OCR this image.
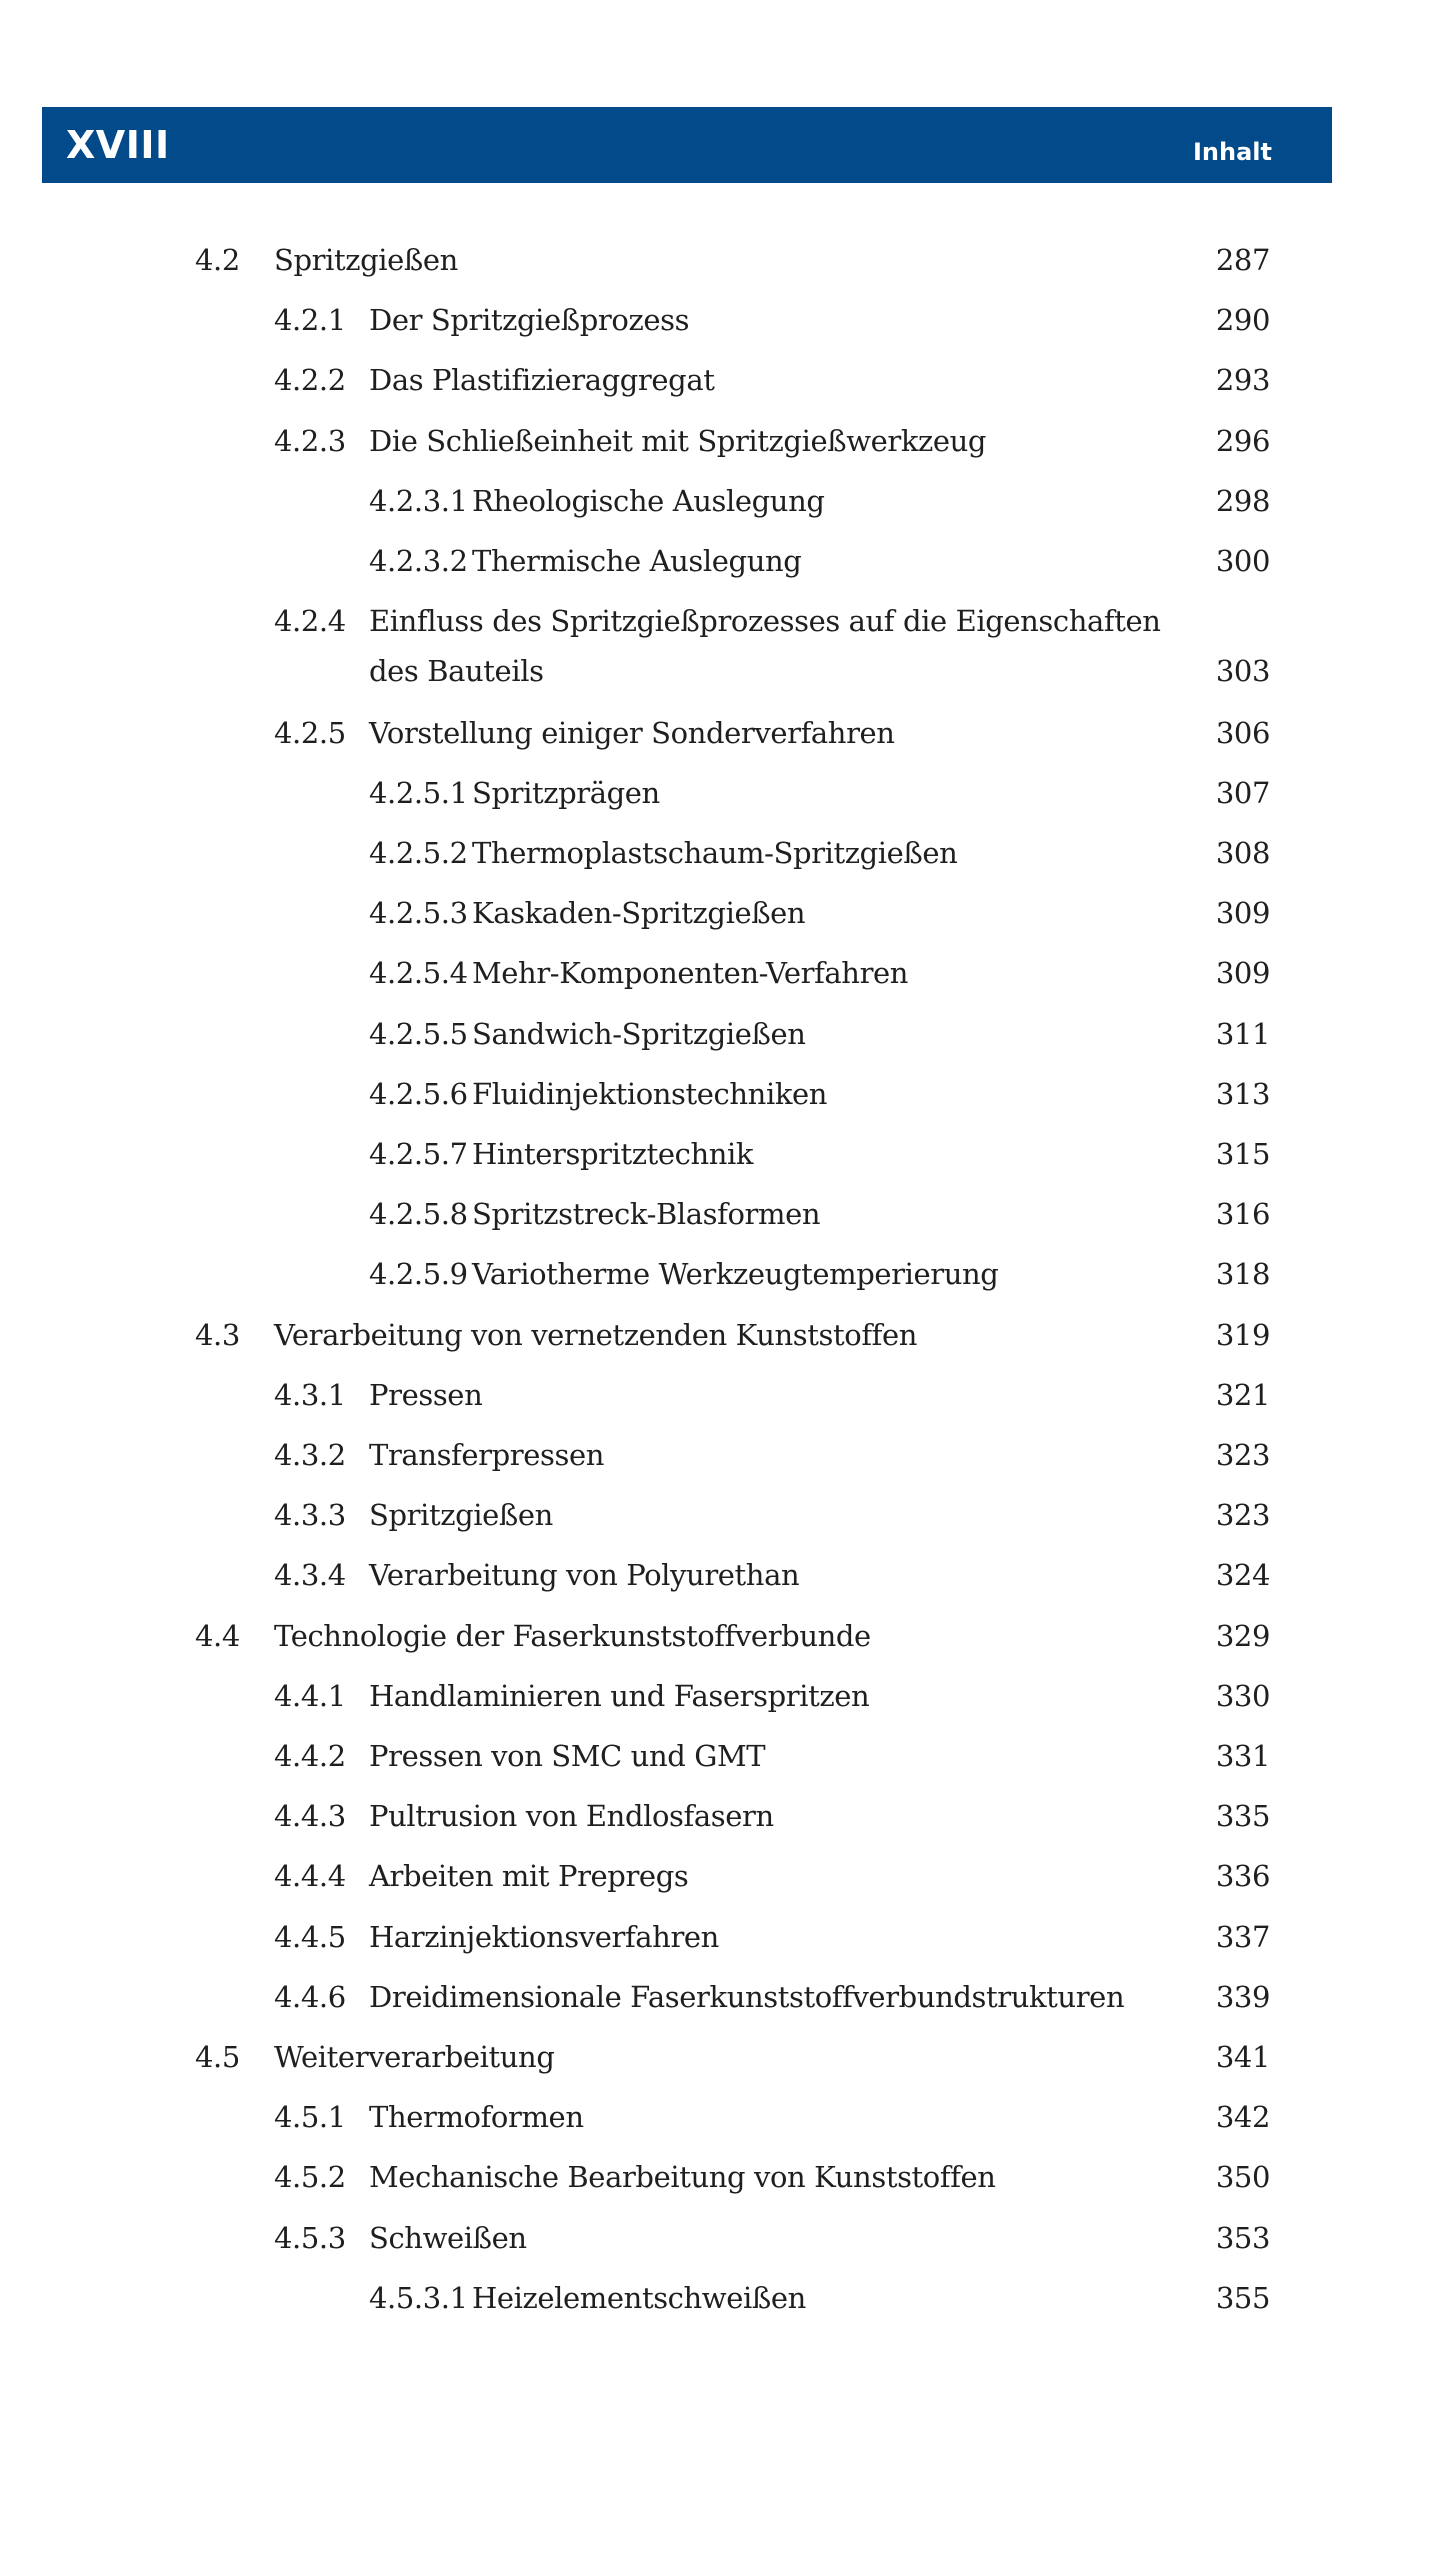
XVIII	Inhalt
4.2 Spritzgießen	287
4.2.1 Der Spritzgießprozess	290
4.2.2 Das Plastifizieraggregat	293
4.2.3 Die Schließeinheit mit Spritzgießwerkzeug	296
4.2.3.1 Rheologische Auslegung	298
4.2.3.2 Thermische Auslegung	300
4.2.4 Einfluss des Spritzgießprozesses auf die Eigenschaften
des Bauteils	303
4.2.5 Vorstellung einiger Sonderverfahren	306
4.2.5.1 Spritzprägen	307
4.2.5.2 Thermoplastschaum-Spritzgießen	308
4.2.5.3 Kaskaden-Spritzgießen	309
4.2.5.4 Mehr-Komponenten-Verfahren	309
4.2.5.5 Sandwich-Spritzgießen	311
4.2.5.6 Fluidinjektionstechniken	313
4.2.5.7 Hinterspritztechnik	315
4.2.5.8 Spritzstreck-Blasformen	316
4.2.5.9 Variotherme Werkzeugtemperierung	318
4.3 Verarbeitung von vernetzenden Kunststoffen	319
4.3.1 Pressen	321
4.3.2 Transferpressen	323
4.3.3 Spritzgießen	323
4.3.4 Verarbeitung von Polyurethan	324
4.4 Technologie der Faserkunststoffverbunde	329
4.4.1 Handlaminieren und Faserspritzen	330
4.4.2 Pressen von SMC und GMT	331
4.4.3 Pultrusion von Endlosfasern	335
4.4.4 Arbeiten mit Prepregs	336
4.4.5 Harzinjektionsverfahren	337
4.4.6 Dreidimensionale Faserkunststoffverbundstrukturen	339
4.5 Weiterverarbeitung	341
4.5.1 Thermoformen	342
4.5.2 Mechanische Bearbeitung von Kunststoffen	350
4.5.3 Schweißen	353
4.5.3.1 Heizelementschweißen	355
